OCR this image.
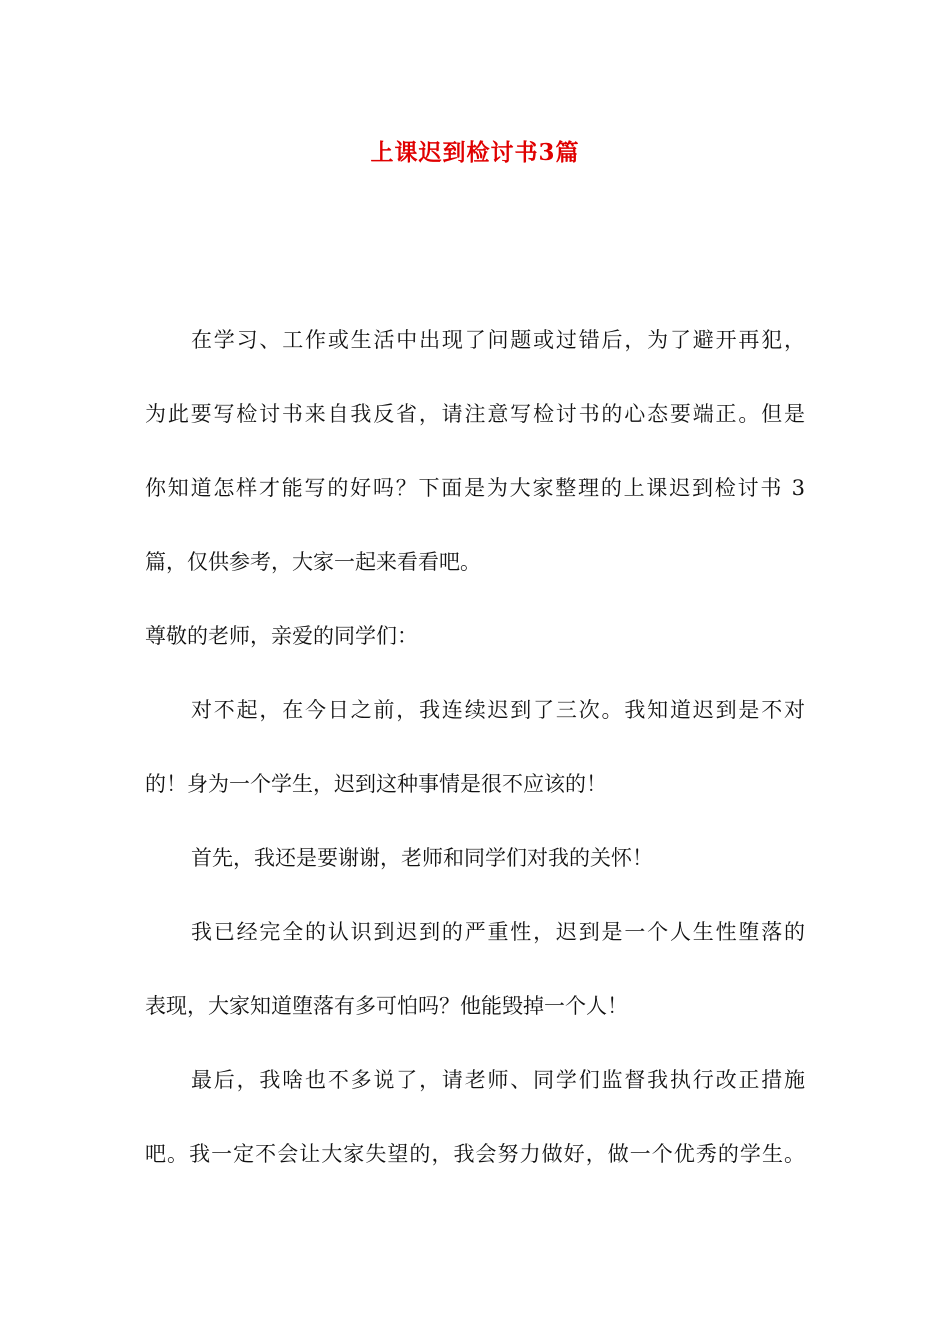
上课迟到检讨书3篇
在学习、工作或生活中出现了问题或过错后，为了避开再犯，
为此要写检讨书来自我反省，请注意写检讨书的心态要端正。但是
你知道怎样才能写的好吗？下面是为大家整理的上课迟到检讨书 3
篇，仅供参考，大家一起来看看吧。
尊敬的老师，亲爱的同学们：
对不起，在今日之前，我连续迟到了三次。我知道迟到是不对
的！身为一个学生，迟到这种事情是很不应该的！
首先，我还是要谢谢，老师和同学们对我的关怀！
我已经完全的认识到迟到的严重性，迟到是一个人生性堕落的
表现，大家知道堕落有多可怕吗？他能毁掉一个人！
最后，我啥也不多说了，请老师、同学们监督我执行改正措施
吧。我一定不会让大家失望的，我会努力做好，做一个优秀的学生。
